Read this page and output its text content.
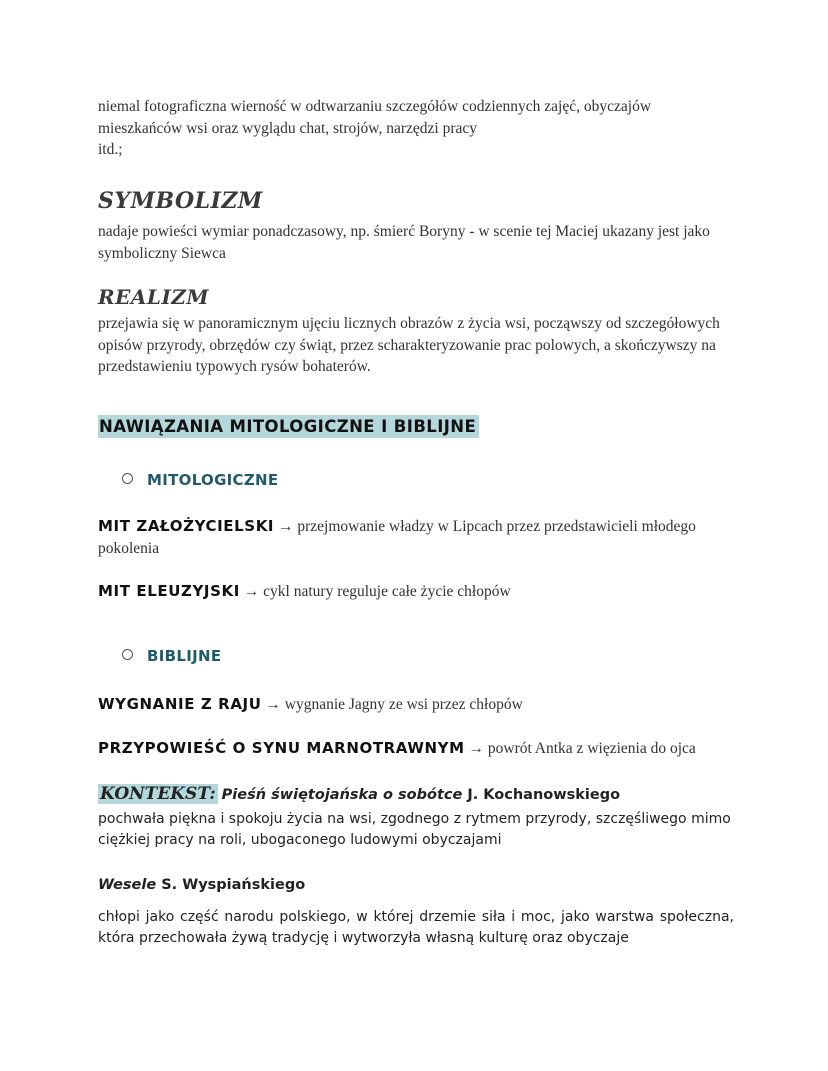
niemal fotograficzna wierność w odtwarzaniu szczegółów codziennych zajęć, obyczajów
mieszkańców wsi oraz wyglądu chat, strojów, narzędzi pracy
itd.;
SYMBOLIZM
nadaje powieści wymiar ponadczasowy, np. śmierć Boryny - w scenie tej Maciej ukazany jest jako symboliczny Siewca
REALIZM
przejawia się w panoramicznym ujęciu licznych obrazów z życia wsi, począwszy od szczegółowych opisów przyrody, obrzędów czy świąt, przez scharakteryzowanie prac polowych, a skończywszy na przedstawieniu typowych rysów bohaterów.
NAWIĄZANIA MITOLOGICZNE I BIBLIJNE
MITOLOGICZNE
MIT ZAŁOŻYCIELSKI → przejmowanie władzy w Lipcach przez przedstawicieli młodego pokolenia
MIT ELEUZYJSKI → cykl natury reguluje całe życie chłopów
BIBLIJNE
WYGNANIE Z RAJU → wygnanie Jagny ze wsi przez chłopów
PRZYPOWIEŚĆ O SYNU MARNOTRAWNYM → powrót Antka z więzienia do ojca
KONTEKST: Pieśń świętojańska o sobótce J. Kochanowskiego
pochwała piękna i spokoju życia na wsi, zgodnego z rytmem przyrody, szczęśliwego mimo ciężkiej pracy na roli, ubogaconego ludowymi obyczajami
Wesele S. Wyspiańskiego
chłopi jako część narodu polskiego, w której drzemie siła i moc, jako warstwa społeczna, która przechowała żywą tradycję i wytworzyła własną kulturę oraz obyczaje
